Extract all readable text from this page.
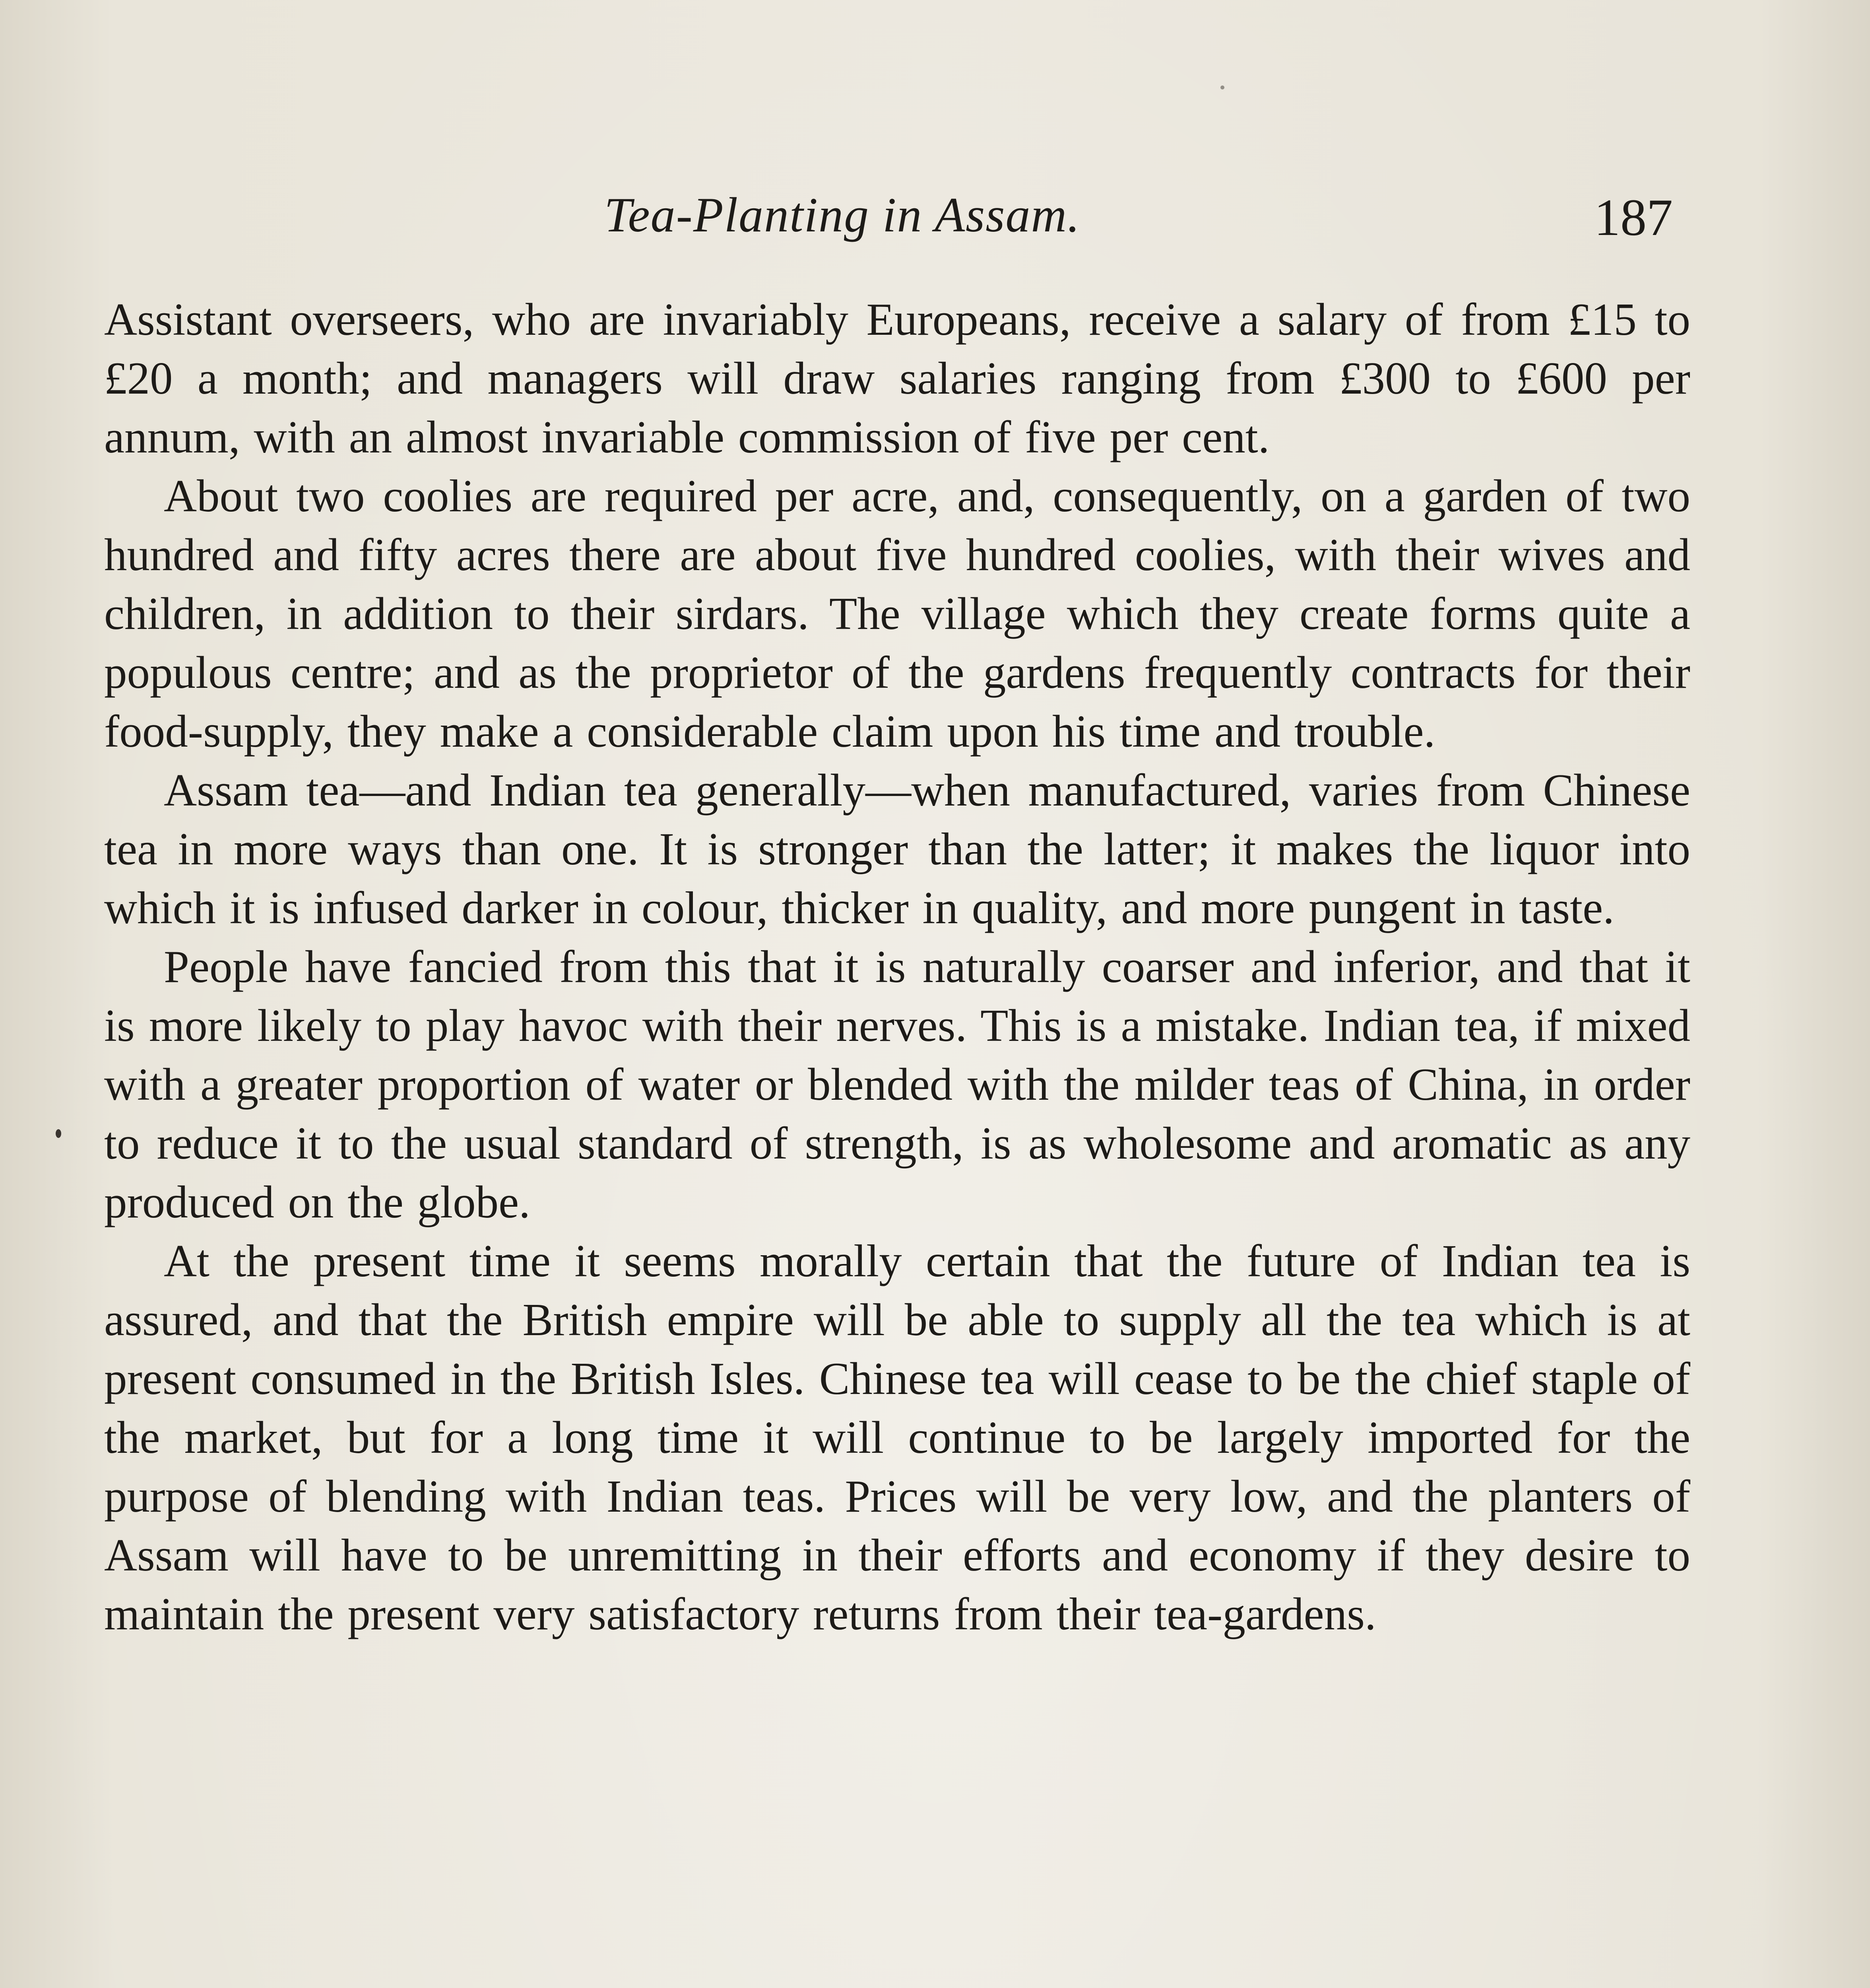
Tea-Planting in Assam.	187

Assistant overseers, who are invariably Europeans, receive a salary of from £15 to £20 a month; and managers will draw salaries ranging from £300 to £600 per annum, with an almost invariable commission of five per cent.

About two coolies are required per acre, and, consequently, on a garden of two hundred and fifty acres there are about five hundred coolies, with their wives and children, in addition to their sirdars. The village which they create forms quite a populous centre; and as the proprietor of the gardens frequently contracts for their food-supply, they make a considerable claim upon his time and trouble.

Assam tea—and Indian tea generally—when manufactured, varies from Chinese tea in more ways than one. It is stronger than the latter; it makes the liquor into which it is infused darker in colour, thicker in quality, and more pungent in taste.

People have fancied from this that it is naturally coarser and inferior, and that it is more likely to play havoc with their nerves. This is a mistake. Indian tea, if mixed with a greater proportion of water or blended with the milder teas of China, in order to reduce it to the usual standard of strength, is as wholesome and aromatic as any produced on the globe.

At the present time it seems morally certain that the future of Indian tea is assured, and that the British empire will be able to supply all the tea which is at present consumed in the British Isles. Chinese tea will cease to be the chief staple of the market, but for a long time it will continue to be largely imported for the purpose of blending with Indian teas. Prices will be very low, and the planters of Assam will have to be unremitting in their efforts and economy if they desire to maintain the present very satisfactory returns from their tea-gardens.
